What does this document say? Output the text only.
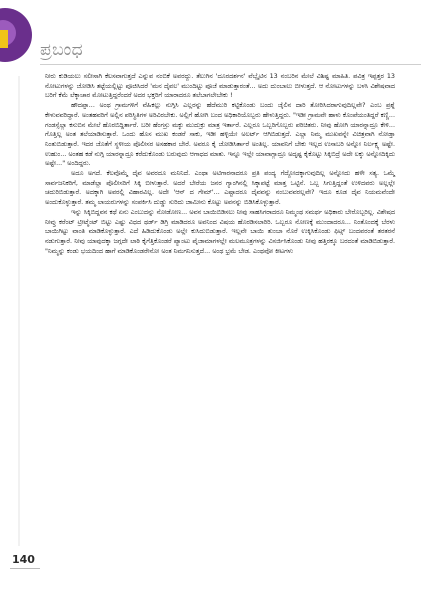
ಪ್ರಬಂಧ

ನೀರು ಕುಡಿಯಲು ಸಲೀಸಾಗಿ ಕೆಲಸವಾಗುತ್ತದೆ ಎನ್ನುವ ನಂಬಿಕೆ ಅವರದ್ದು. ತೆಲುಗಿನ 'ದೂರದರ್ಶನ' ವೆಬ್ಸೈಟಿನ 13 ನಂಬರಿನ ಮೇಲೆ ವಿಶಿಷ್ಟ ಮಾಹಿತಿ. ಪವಿತ್ರ ಇಪ್ಪತ್ತರ 13 ನೋಟುಗಳನ್ನು ಜೋಡಿಸಿ ತಟ್ಟೆಯಲ್ಲಿಟ್ಟು ಪೂಜಿಸಿದರೆ 'ಮನ ದೈವಲ' ಮುಂದಿಟ್ಟು ಪೂಜೆ ಮಾಡುತ್ತಾರಂತೆ... ಅದು ದುಂಬಾಲು ಬೀಳುತ್ತದೆ. ಆ ನೋಟುಗಳನ್ನು ಬಳಸಿ ವಿಶೇಷವಾದ ಬರಿಗೆ ಕೆಮೆ ಲೆಕ್ಕಾಚಾರ ಮೋಟುತ್ತಿದ್ದರೆಂದರೆ ಅದರ ಭಕ್ತರಿಗೆ ಯಾರಾದರೂ ತಲೆಬಾಗಲೇಬೇಕು !

ಹೌದಪ್ಪಾ... ಅಂಥ ಗ್ರಾಮಗಳಿಗೆ ವೆಹಿಕಲ್ಲು ನುಗ್ಗಿಸಿ ಎಲ್ಲರನ್ನು ಹೆದೆಮುರಿ ಕಟ್ಟಿಕೊಂಡು ಬಂದು ಜೈಲಿನ ದಾರಿ ತೋರಿಸಿದರಾಗುವುದಿಲ್ಲವೇ? ಎಂಬ ಪ್ರಶ್ನೆ ಕೇಳುವವರಿದ್ದಾರೆ. ಅಂತಹವರಿಗೆ ಅಲ್ಲಿನ ಪರಿಸ್ಥಿತಿಗಳ ಅರಿವಿರಬೇಕು. ಅಲ್ಲಿಗೆ ಹೋಗಿ ಬಂದ ಅಧಿಕಾರಿಯೊಬ್ಬರು ಹೇಳುತ್ತಿದ್ದರು. "ಇಡೀ ಗ್ರಾಮವೇ ಹಾಳು ಕೊಂಪೆಯಂತಿದ್ದರೆ ಕಣ್ಣಿ... ಗಂಡಸ್ಸೆಲ್ಲಾ ಕಸುಬಿನ ಮೇಲೆ ಹೊರಬಿದ್ದಿರ್ತಾರೆ. ಬರೀ ಹೆಂಗಸ್ರು ಮಕ್ಳು ಮುದುಕ್ರು ಮಾತ್ರ ಇರ್ತಾರೆ. ಎಲ್ಲರೂ ಒಬ್ಬರಿಗೊಬ್ಬರು ಪರಿಚಿತರು. ನೀವು ಹೋಗಿ ಯಾರನ್ನಾದ್ರೂ ಕೇಳಿ... ಗೊತ್ತಿಲ್ಲ ಅಂತ ತಲೆಯಾಡಿಸುತ್ತಾರೆ. ಒಂದು ಹೊಸ ಮುಖ ಕಂಡರೆ ಸಾಕು, ಇಡೀ ಹಳ್ಳಿಯೇ ಅಲರ್ಟ್ ಆಗಿಬಿಡುತ್ತದೆ. ಎಲ್ಲಾ ನಿಮ್ಮ ಮುಖವನ್ನೇ ವಿಚಿತ್ರವಾಗಿ ನೋಡ್ತಾ ನಿಂತುಬಿಡುತ್ತಾರೆ. ಇದರ ಜೊತೆಗೆ ಸ್ಥಳೀಯ ಪೊಲೀಸರ ಅಸಹಕಾರ ಬೇರೆ. ಅವರೂ ಕೈ ಜೋಡಿಸಿರ್ತಾರೆ ಅಂತಿಲ್ಲ. ಯಾವನಿಗೆ ಬೇಕು ಇಲ್ಲದ ಉಸಾಬರಿ ಅನ್ನೋ ನಿರ್ಲಕ್ಷ್ಯ ಅಷ್ಟೇ. ಉಹುಂ... ಅಂತಹ ಕಡೆ ನುಗ್ಗಿ ಯಾರನ್ನಾದ್ರೂ ಕರೆದುಕೊಂಡು ಬರುವುದು ಆಗಾಧದ ಮಾತು. ಇನ್ನೂ ಇಲ್ಲೇ ಯಾವಾಗ್ಲಾದ್ರೂ ಅದೃಷ್ಟ ಕೈಕೊಟ್ಟು ಸಿಕ್ಕಿಬಿದ್ರೆ ಅದೇ ಲಕ್ಕು ಅನ್ನೋದಿಕ್ಕಿದು ಅಷ್ಟೇ..." ಅಂದಿದ್ದರು.

ಅದೂ ಅಗದೆ. ಕೆಲವೊಮ್ಮೆ ದೈವ ಅವರದೂ ಮನಿನಿದೆ. ಎಂಥಾ ಅಟಿಗಾರನಾದರೂ ಪ್ರತಿ ಪಂದ್ಯ ಗೆದ್ದೋದಕ್ಕಾಗುವುದಿಲ್ಲ ಅನ್ನೋದು ಹಳೇ ಸತ್ಯ. ಒಮ್ಮೆ ಸಾರ್ವಜನಿಕರಿಗೆ, ಮಾಡೆಲ್ಲಾ ಪೊಲೀಸರಿಗೆ ಸಿಕ್ಕಿ ಬೀಳುತ್ತಾರೆ. ಅದರೆ ಬೇರೆಯ ಜನರ ಗ್ಯಾಂಗಿನಲ್ಲಿ ಸಿಕ್ಕಾಪಟ್ಟೆ ಮಾತ್ತ ಒಟ್ಟಿನೆ. ಒಬ್ಬ ಸಿಗುತ್ತಿದ್ದಂತೆ ಉಳಿದವರು ಅಲ್ಲಲ್ಲೇ ಚದುರಿಬಿಡುತ್ತಾರೆ. ಅದಕ್ಕಾಗಿ ಅವರಲ್ಲಿ ವಿಹಾರವಿಲ್ಲ. ಅದೇ 'ಆನ್ ದ ಗೇಮ್'... ಎಷ್ಟಾದರೂ ದೈವವನ್ನು ನಂಬುವವರಲ್ಲವೇ? ಇದೂ ಕೂಡ ದೈವ ನಿಯಮವೆಂದೇ ಅಂದುಕೊಳ್ಳುತ್ತಾರೆ. ತಮ್ಮ ಲಾಯರುಗಳನ್ನು ಸಂಪರ್ಕಿಸಿ ದುಡ್ಡು ಸುರಿದು ಜಾಮೀನು ಕೊಟ್ಟು ಅವನನ್ನು ಬಿಡಿಸಿಕೊಳ್ಳುತ್ತಾರೆ.

ಇನ್ನು ಸಿಕ್ಕಿಬಿದ್ದವನ ಕಥೆ ಏನು ಎಂಬುದನ್ನು ನೋಡೋಣ... ಅವನ ಬಾಯಿಬಿಡಿಸಲು ನೀವು ಸಾಹಸಿಗರಾದರೂ ನಿಮ್ಮಂಥ ಸಮರ್ಥ ಅಧಿಕಾರು ಬೇರೊಬ್ಬರಿಲ್ಲ. ವಿಶೇಷದ ನೀವ್ತು ಕರೆಂಟ್ ಟ್ರೀಟ್ಮೆಂಟ್ ಬಿಟ್ಟು ಎಷ್ಟು ವಿಧದ ಥರ್ಡ್ ಡಿಗ್ರಿ ಮಾಡಿದರೂ ಅವನಿಂದ ವಿಷಯ ಹೊರಡಿಸಲಾರಿರಿ. ಒಬ್ಬರೂ ನೋಣಕ್ಕೆ ಮುಂದಾದರೂ... ನಿಂತೊಂದಕ್ಕೆ ಬೆರಳು ಬಾಯಿಗಿಟ್ಟು ವಾಂತಿ ಮಾಡಿಕೊಳ್ಳುತ್ತಾರೆ. ಎದೆ ಹಿಡಿದುಕೊಂಡು ಅಲ್ಲೇ ಕುಸಿದುಬಿಡುತ್ತಾರೆ. ಇಲ್ಲವೇ ಬಾಯಿ ತುಂಬಾ ನೊರೆ ಉಕ್ಕಿಸಿಕೊಂಡು ಫಿಟ್ಸ್ ಬಂದವರಂತೆ ತರತರನೆ ನಡುಗುತ್ತಾರೆ. ನೀವು ಯಾವುದಕ್ಕಾ ಜಗ್ಗದೇ ಲಾಠಿ ಕೈಗೆತ್ತಿಕೊಂಡರೆ ಪ್ಯಾಂಟು ಪೈಜಾಮಾಗಳಲ್ಲೇ ಮಲಮೂತ್ರಗಳನ್ನು ವಿಸರ್ಜಿಸಿಕೊಂಡು ನೀವು ಹತ್ತಿರಕ್ಕೂ ಬರದಂತೆ ಮಾಡಿಬಿಡುತ್ತಾರೆ. "ನಿಮ್ಮನ್ನು ಕಂಡು ಭಯದಿಂದ ಹಾಗೆ ಮಾಡಿಕೊಂಡರೇನೋ ಅಂತ ನಿಮಗನಿಸುತ್ತದೆ... ಅಂಥ ಭ್ರಮೆ ಬೇಡ. ಎಂಥವೋ ಕೀಟಗಳು

140
